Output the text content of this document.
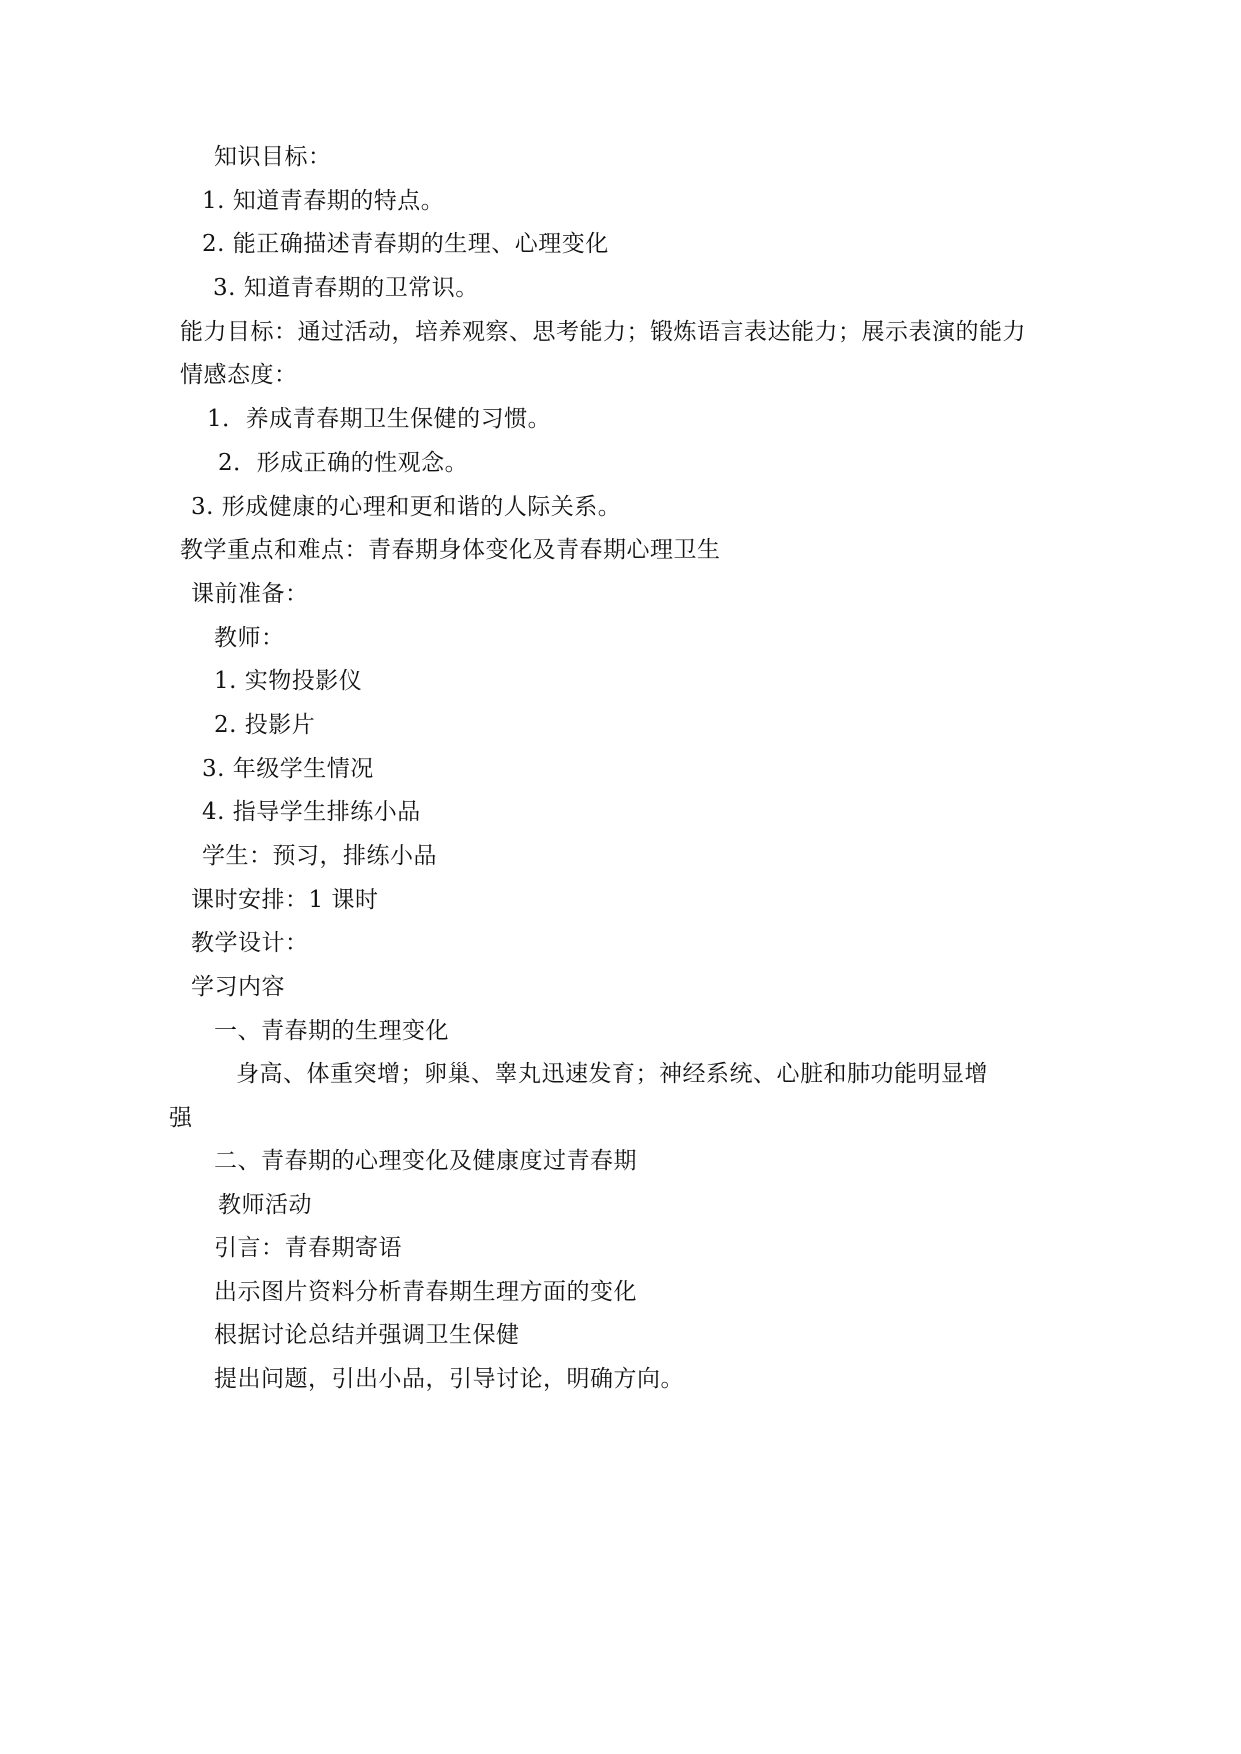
知识目标：
1. 知道青春期的特点。
2. 能正确描述青春期的生理、心理变化
3. 知道青春期的卫常识。
能力目标：通过活动，培养观察、思考能力；锻炼语言表达能力；展示表演的能力
情感态度：
1．养成青春期卫生保健的习惯。
2．形成正确的性观念。
3. 形成健康的心理和更和谐的人际关系。
教学重点和难点：青春期身体变化及青春期心理卫生
课前准备：
教师：
1. 实物投影仪
2. 投影片
3. 年级学生情况
4. 指导学生排练小品
学生：预习，排练小品
课时安排：1 课时
教学设计：
学习内容
一、青春期的生理变化
身高、体重突增；卵巢、睾丸迅速发育；神经系统、心脏和肺功能明显增
强
二、青春期的心理变化及健康度过青春期
教师活动
引言：青春期寄语
出示图片资料分析青春期生理方面的变化
根据讨论总结并强调卫生保健
提出问题，引出小品，引导讨论，明确方向。
